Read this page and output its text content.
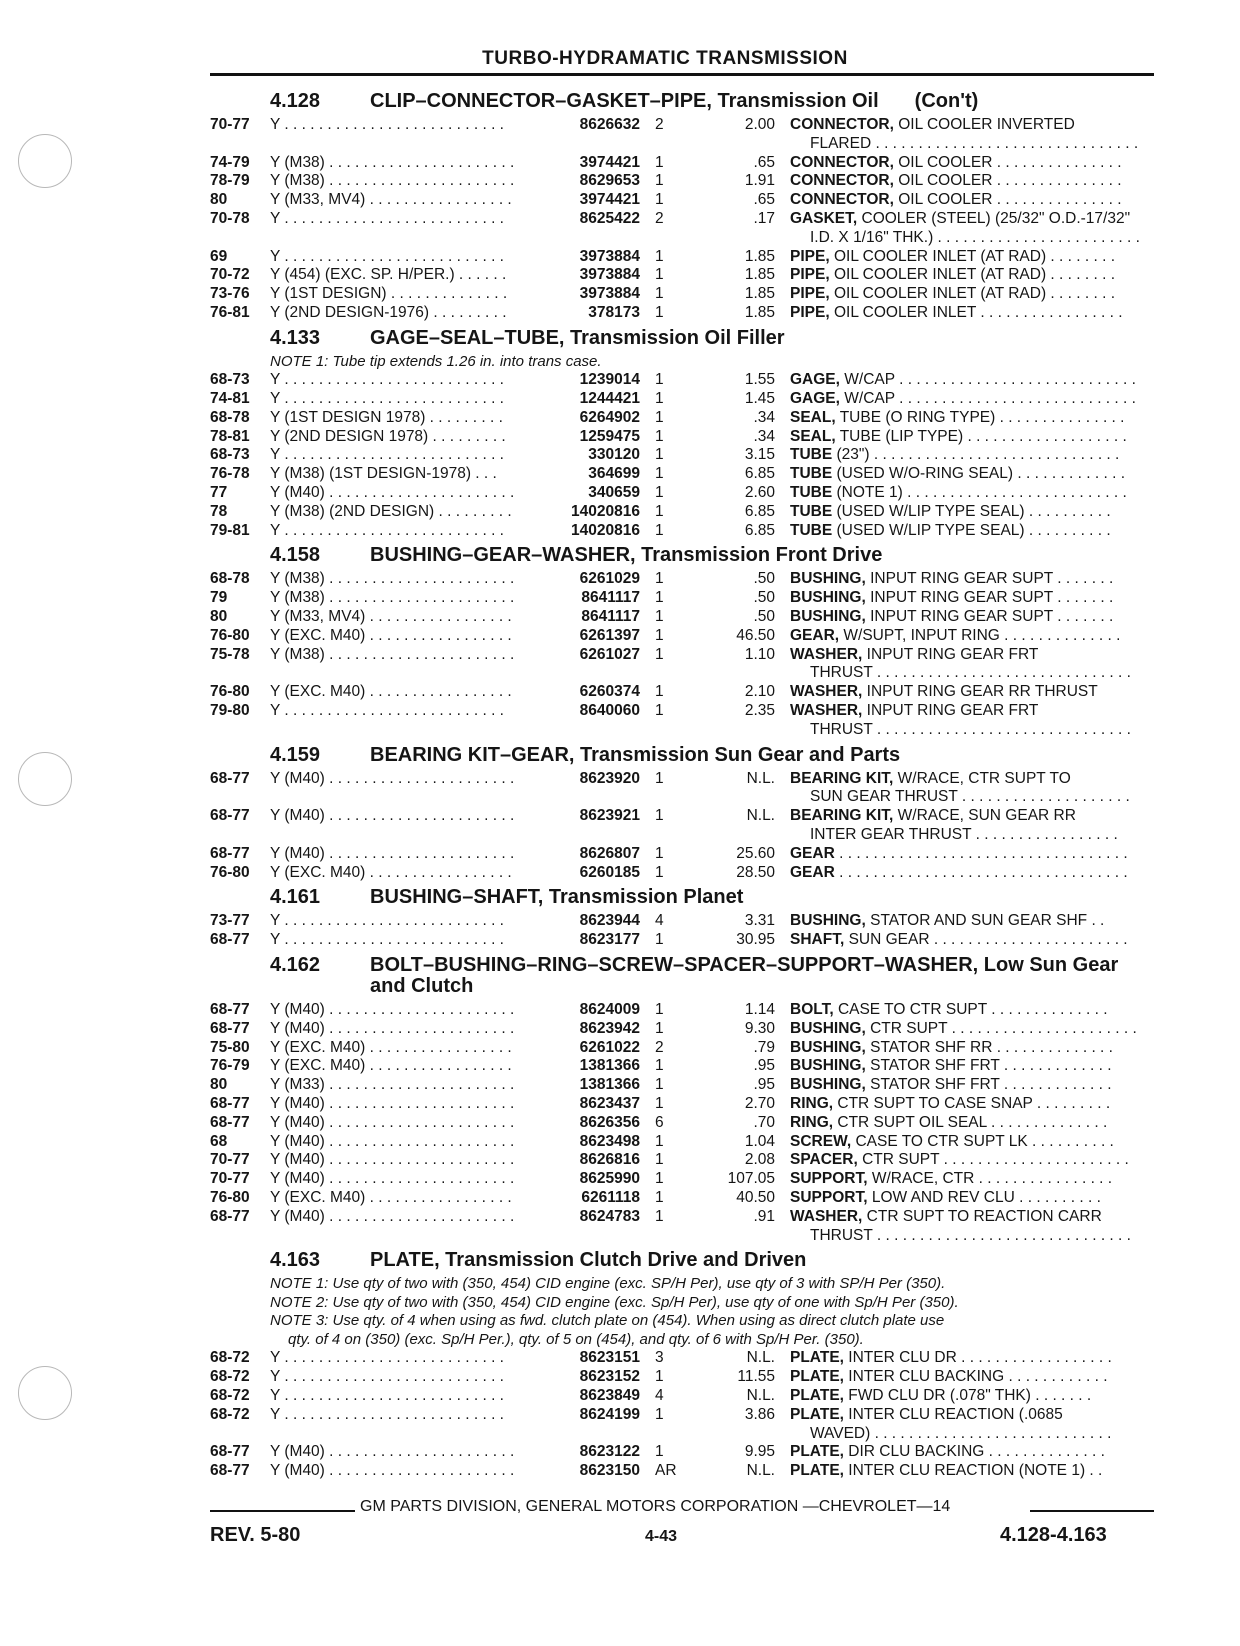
TURBO-HYDRAMATIC TRANSMISSION
4.128 CLIP–CONNECTOR–GASKET–PIPE, Transmission Oil (Con't)
70-77 Y . . . . . . . . . . . . . . . . . . . . . . . . . .	8626632 2	2.00 CONNECTOR, OIL COOLER INVERTED
FLARED . . . . . . . . . . . . . . . . . . . . . . . . . . . . . . .
74-79 Y (M38) . . . . . . . . . . . . . . . . . . . . . .	3974421 1	.65 CONNECTOR, OIL COOLER . . . . . . . . . . . . . . .
78-79 Y (M38) . . . . . . . . . . . . . . . . . . . . . .	8629653 1	1.91 CONNECTOR, OIL COOLER . . . . . . . . . . . . . . .
80	Y (M33, MV4) . . . . . . . . . . . . . . . . .	3974421 1	.65 CONNECTOR, OIL COOLER . . . . . . . . . . . . . . .
70-78 Y . . . . . . . . . . . . . . . . . . . . . . . . . .	8625422 2	.17 GASKET, COOLER (STEEL) (25/32" O.D.-17/32"
I.D. X 1/16" THK.) . . . . . . . . . . . . . . . . . . . . . . . .
69	Y . . . . . . . . . . . . . . . . . . . . . . . . . .	3973884 1	1.85 PIPE, OIL COOLER INLET (AT RAD) . . . . . . . .
70-72 Y (454) (EXC. SP. H/PER.) . . . . . .	3973884 1	1.85 PIPE, OIL COOLER INLET (AT RAD) . . . . . . . .
73-76 Y (1ST DESIGN) . . . . . . . . . . . . . .	3973884 1	1.85 PIPE, OIL COOLER INLET (AT RAD) . . . . . . . .
76-81 Y (2ND DESIGN-1976) . . . . . . . . .	378173 1	1.85 PIPE, OIL COOLER INLET . . . . . . . . . . . . . . . . .
4.133 GAGE–SEAL–TUBE, Transmission Oil Filler
NOTE 1: Tube tip extends 1.26 in. into trans case.
68-73 Y . . . . . . . . . . . . . . . . . . . . . . . . . .	1239014 1	1.55 GAGE, W/CAP . . . . . . . . . . . . . . . . . . . . . . . . . . . .
74-81 Y . . . . . . . . . . . . . . . . . . . . . . . . . .	1244421 1	1.45 GAGE, W/CAP . . . . . . . . . . . . . . . . . . . . . . . . . . . .
68-78 Y (1ST DESIGN 1978) . . . . . . . . .	6264902 1	.34 SEAL, TUBE (O RING TYPE) . . . . . . . . . . . . . . .
78-81 Y (2ND DESIGN 1978) . . . . . . . . .	1259475 1	.34 SEAL, TUBE (LIP TYPE) . . . . . . . . . . . . . . . . . . .
68-73 Y . . . . . . . . . . . . . . . . . . . . . . . . . .	330120 1	3.15 TUBE (23") . . . . . . . . . . . . . . . . . . . . . . . . . . . . .
76-78 Y (M38) (1ST DESIGN-1978) . . .	364699 1	6.85 TUBE (USED W/O-RING SEAL) . . . . . . . . . . . . .
77	Y (M40) . . . . . . . . . . . . . . . . . . . . . .	340659 1	2.60 TUBE (NOTE 1) . . . . . . . . . . . . . . . . . . . . . . . . . .
78	Y (M38) (2ND DESIGN) . . . . . . . . .	14020816 1	6.85 TUBE (USED W/LIP TYPE SEAL) . . . . . . . . . .
79-81 Y . . . . . . . . . . . . . . . . . . . . . . . . . .	14020816 1	6.85 TUBE (USED W/LIP TYPE SEAL) . . . . . . . . . .
4.158 BUSHING–GEAR–WASHER, Transmission Front Drive
68-78 Y (M38) . . . . . . . . . . . . . . . . . . . . . .	6261029 1	.50 BUSHING, INPUT RING GEAR SUPT . . . . . . .
79	Y (M38) . . . . . . . . . . . . . . . . . . . . . .	8641117 1	.50 BUSHING, INPUT RING GEAR SUPT . . . . . . .
80	Y (M33, MV4) . . . . . . . . . . . . . . . . .	8641117 1	.50 BUSHING, INPUT RING GEAR SUPT . . . . . . .
76-80 Y (EXC. M40) . . . . . . . . . . . . . . . . .	6261397 1	46.50 GEAR, W/SUPT, INPUT RING . . . . . . . . . . . . . .
75-78 Y (M38) . . . . . . . . . . . . . . . . . . . . . .	6261027 1	1.10 WASHER, INPUT RING GEAR FRT
THRUST . . . . . . . . . . . . . . . . . . . . . . . . . . . . . .
76-80 Y (EXC. M40) . . . . . . . . . . . . . . . . .	6260374 1	2.10 WASHER, INPUT RING GEAR RR THRUST
79-80 Y . . . . . . . . . . . . . . . . . . . . . . . . . .	8640060 1	2.35 WASHER, INPUT RING GEAR FRT
THRUST . . . . . . . . . . . . . . . . . . . . . . . . . . . . . .
4.159 BEARING KIT–GEAR, Transmission Sun Gear and Parts
68-77 Y (M40) . . . . . . . . . . . . . . . . . . . . . .	8623920 1	N.L. BEARING KIT, W/RACE, CTR SUPT TO
SUN GEAR THRUST . . . . . . . . . . . . . . . . . . . .
68-77 Y (M40) . . . . . . . . . . . . . . . . . . . . . .	8623921 1	N.L. BEARING KIT, W/RACE, SUN GEAR RR
INTER GEAR THRUST . . . . . . . . . . . . . . . . .
68-77 Y (M40) . . . . . . . . . . . . . . . . . . . . . .	8626807 1	25.60 GEAR . . . . . . . . . . . . . . . . . . . . . . . . . . . . . . . . . .
76-80 Y (EXC. M40) . . . . . . . . . . . . . . . . .	6260185 1	28.50 GEAR . . . . . . . . . . . . . . . . . . . . . . . . . . . . . . . . . .
4.161 BUSHING–SHAFT, Transmission Planet
73-77 Y . . . . . . . . . . . . . . . . . . . . . . . . . .	8623944 4	3.31 BUSHING, STATOR AND SUN GEAR SHF . .
68-77 Y . . . . . . . . . . . . . . . . . . . . . . . . . .	8623177 1	30.95 SHAFT, SUN GEAR . . . . . . . . . . . . . . . . . . . . . . .
4.162 BOLT–BUSHING–RING–SCREW–SPACER–SUPPORT–WASHER, Low Sun Gear and Clutch
68-77 Y (M40) . . . . . . . . . . . . . . . . . . . . . .	8624009 1	1.14 BOLT, CASE TO CTR SUPT . . . . . . . . . . . . . .
68-77 Y (M40) . . . . . . . . . . . . . . . . . . . . . .	8623942 1	9.30 BUSHING, CTR SUPT . . . . . . . . . . . . . . . . . . . . . .
75-80 Y (EXC. M40) . . . . . . . . . . . . . . . . .	6261022 2	.79 BUSHING, STATOR SHF RR . . . . . . . . . . . . . .
76-79 Y (EXC. M40) . . . . . . . . . . . . . . . . .	1381366 1	.95 BUSHING, STATOR SHF FRT . . . . . . . . . . . . .
80	Y (M33) . . . . . . . . . . . . . . . . . . . . . .	1381366 1	.95 BUSHING, STATOR SHF FRT . . . . . . . . . . . . .
68-77 Y (M40) . . . . . . . . . . . . . . . . . . . . . .	8623437 1	2.70 RING, CTR SUPT TO CASE SNAP . . . . . . . . .
68-77 Y (M40) . . . . . . . . . . . . . . . . . . . . . .	8626356 6	.70 RING, CTR SUPT OIL SEAL . . . . . . . . . . . . . .
68	Y (M40) . . . . . . . . . . . . . . . . . . . . . .	8623498 1	1.04 SCREW, CASE TO CTR SUPT LK . . . . . . . . . .
70-77 Y (M40) . . . . . . . . . . . . . . . . . . . . . .	8626816 1	2.08 SPACER, CTR SUPT . . . . . . . . . . . . . . . . . . . . . .
70-77 Y (M40) . . . . . . . . . . . . . . . . . . . . . .	8625990 1	107.05 SUPPORT, W/RACE, CTR . . . . . . . . . . . . . . . .
76-80 Y (EXC. M40) . . . . . . . . . . . . . . . . .	6261118 1	40.50 SUPPORT, LOW AND REV CLU . . . . . . . . . .
68-77 Y (M40) . . . . . . . . . . . . . . . . . . . . . .	8624783 1	.91 WASHER, CTR SUPT TO REACTION CARR
THRUST . . . . . . . . . . . . . . . . . . . . . . . . . . . . . .
4.163 PLATE, Transmission Clutch Drive and Driven
NOTE 1: Use qty of two with (350, 454) CID engine (exc. SP/H Per), use qty of 3 with SP/H Per (350).
NOTE 2: Use qty of two with (350, 454) CID engine (exc. Sp/H Per), use qty of one with Sp/H Per (350).
NOTE 3: Use qty. of 4 when using as fwd. clutch plate on (454). When using as direct clutch plate use
qty. of 4 on (350) (exc. Sp/H Per.), qty. of 5 on (454), and qty. of 6 with Sp/H Per. (350).
68-72 Y . . . . . . . . . . . . . . . . . . . . . . . . . .	8623151 3	N.L. PLATE, INTER CLU DR . . . . . . . . . . . . . . . . . .
68-72 Y . . . . . . . . . . . . . . . . . . . . . . . . . .	8623152 1	11.55 PLATE, INTER CLU BACKING . . . . . . . . . . . .
68-72 Y . . . . . . . . . . . . . . . . . . . . . . . . . .	8623849 4	N.L. PLATE, FWD CLU DR (.078" THK) . . . . . . .
68-72 Y . . . . . . . . . . . . . . . . . . . . . . . . . .	8624199 1	3.86 PLATE, INTER CLU REACTION (.0685
WAVED) . . . . . . . . . . . . . . . . . . . . . . . . . . . .
68-77 Y (M40) . . . . . . . . . . . . . . . . . . . . . .	8623122 1	9.95 PLATE, DIR CLU BACKING . . . . . . . . . . . . . .
68-77 Y (M40) . . . . . . . . . . . . . . . . . . . . . .	8623150 AR	N.L. PLATE, INTER CLU REACTION (NOTE 1) . .
GM PARTS DIVISION, GENERAL MOTORS CORPORATION —CHEVROLET—14
REV. 5-80	4-43	4.128-4.163
